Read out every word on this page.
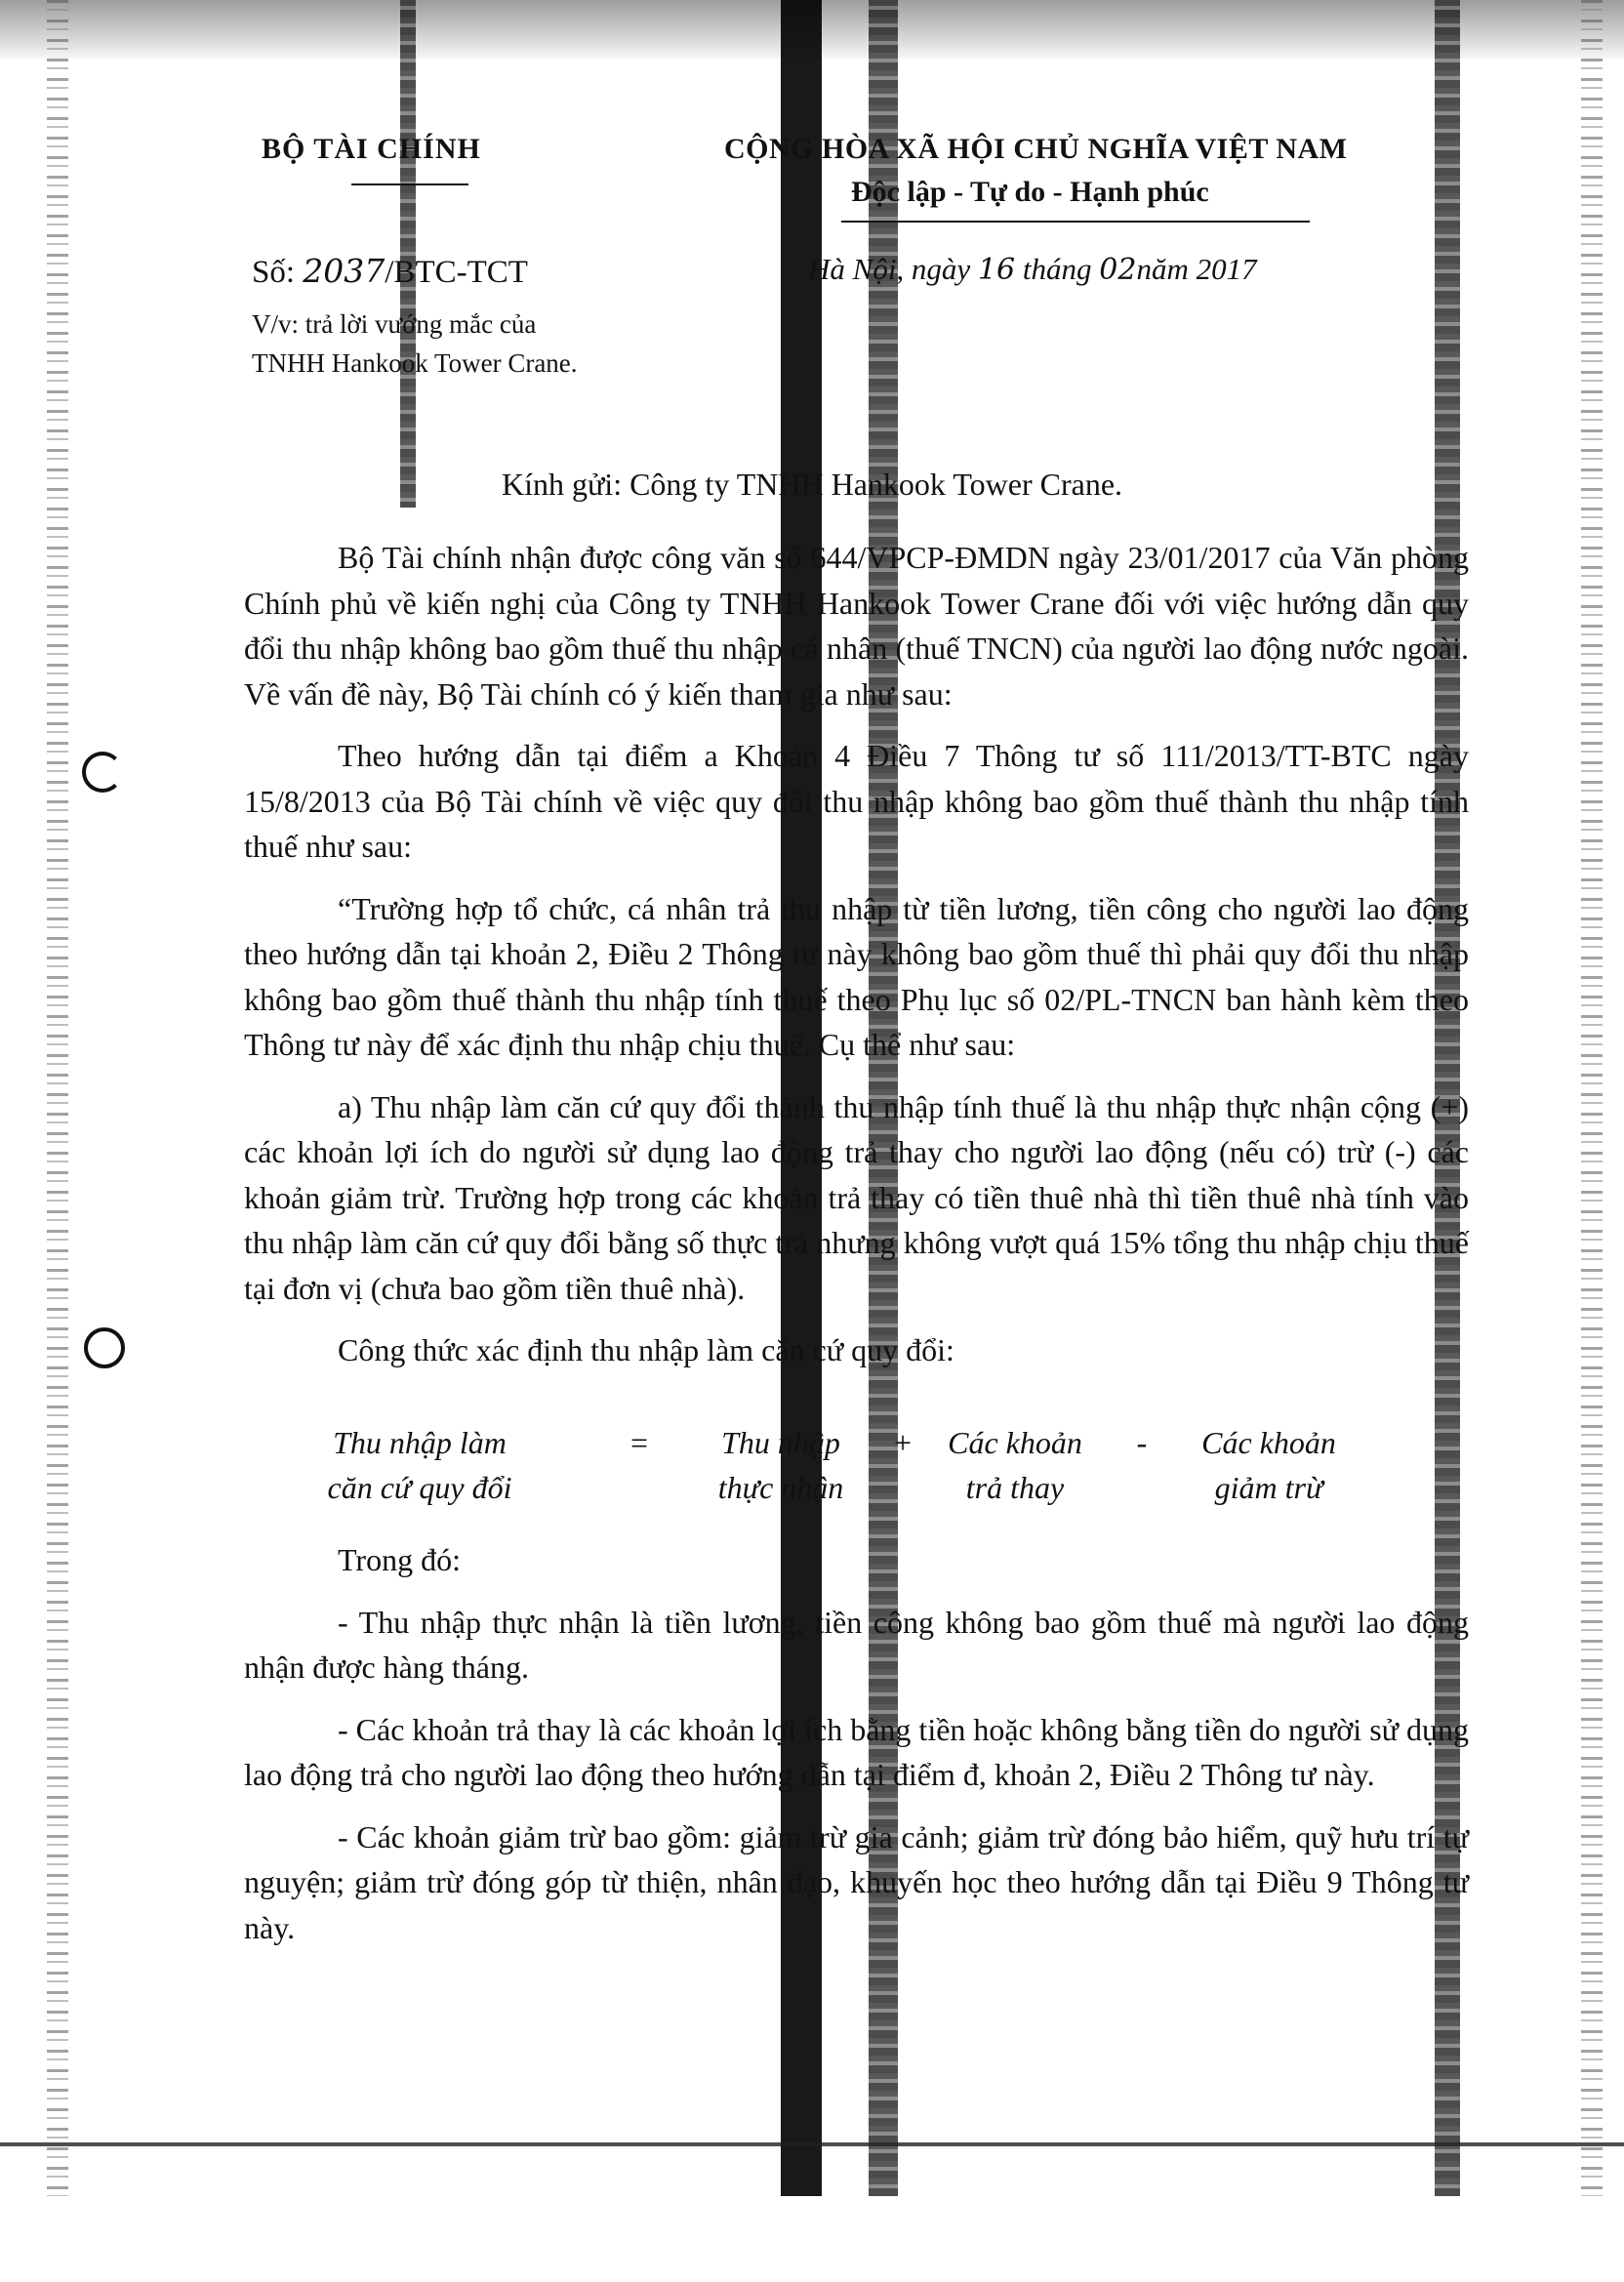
BỘ TÀI CHÍNH	CỘNG HÒA XÃ HỘI CHỦ NGHĨA VIỆT NAM
Độc lập - Tự do - Hạnh phúc
Số: 2037/BTC-TCT	Hà Nội, ngày 16 tháng 02năm 2017
V/v: trả lời vướng mắc của
TNHH Hankook Tower Crane.
Kính gửi: Công ty TNHH Hankook Tower Crane.

Bộ Tài chính nhận được công văn số 644/VPCP-ĐMDN ngày 23/01/2017 của Văn phòng Chính phủ về kiến nghị của Công ty TNHH Hankook Tower Crane đối với việc hướng dẫn quy đổi thu nhập không bao gồm thuế thu nhập cá nhân (thuế TNCN) của người lao động nước ngoài. Về vấn đề này, Bộ Tài chính có ý kiến tham gia như sau:

Theo hướng dẫn tại điểm a Khoản 4 Điều 7 Thông tư số 111/2013/TT-BTC ngày 15/8/2013 của Bộ Tài chính về việc quy đổi thu nhập không bao gồm thuế thành thu nhập tính thuế như sau:

“Trường hợp tổ chức, cá nhân trả thu nhập từ tiền lương, tiền công cho người lao động theo hướng dẫn tại khoản 2, Điều 2 Thông tư này không bao gồm thuế thì phải quy đổi thu nhập không bao gồm thuế thành thu nhập tính thuế theo Phụ lục số 02/PL-TNCN ban hành kèm theo Thông tư này để xác định thu nhập chịu thuế. Cụ thể như sau:

a) Thu nhập làm căn cứ quy đổi thành thu nhập tính thuế là thu nhập thực nhận cộng (+) các khoản lợi ích do người sử dụng lao động trả thay cho người lao động (nếu có) trừ (-) các khoản giảm trừ. Trường hợp trong các khoản trả thay có tiền thuê nhà thì tiền thuê nhà tính vào thu nhập làm căn cứ quy đổi bằng số thực trả nhưng không vượt quá 15% tổng thu nhập chịu thuế tại đơn vị (chưa bao gồm tiền thuê nhà).

Công thức xác định thu nhập làm căn cứ quy đổi:

Thu nhập làm
căn cứ quy đổi
=	Thu nhập
thực nhận
+	Các khoản
trả thay
-	Các khoản
giảm trừ

Trong đó:

- Thu nhập thực nhận là tiền lương, tiền công không bao gồm thuế mà người lao động nhận được hàng tháng.

- Các khoản trả thay là các khoản lợi ích bằng tiền hoặc không bằng tiền do người sử dụng lao động trả cho người lao động theo hướng dẫn tại điểm đ, khoản 2, Điều 2 Thông tư này.

- Các khoản giảm trừ bao gồm: giảm trừ gia cảnh; giảm trừ đóng bảo hiểm, quỹ hưu trí tự nguyện; giảm trừ đóng góp từ thiện, nhân đạo, khuyến học theo hướng dẫn tại Điều 9 Thông tư này.
